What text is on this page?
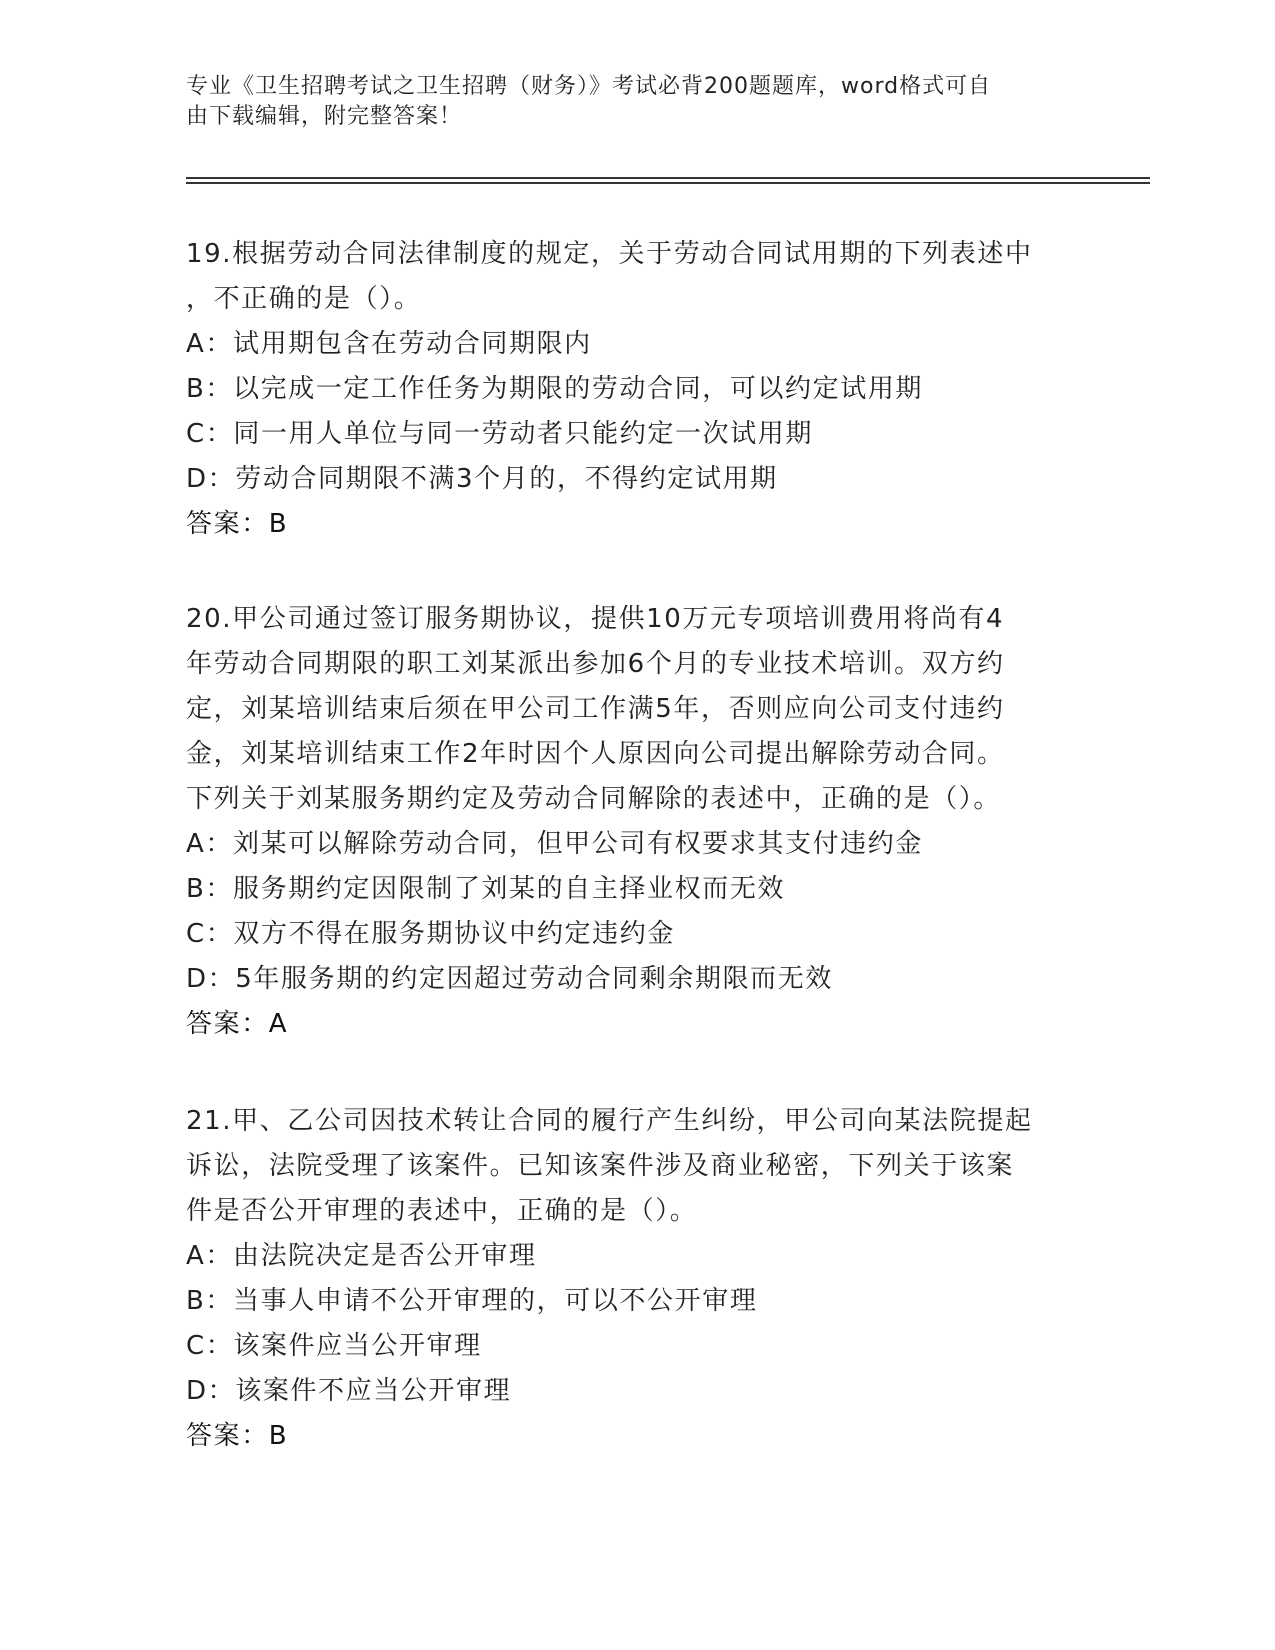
专业《卫生招聘考试之卫生招聘（财务）》考试必背200题题库，word格式可自
由下载编辑，附完整答案！
19.根据劳动合同法律制度的规定，关于劳动合同试用期的下列表述中
，不正确的是（）。
A：试用期包含在劳动合同期限内
B：以完成一定工作任务为期限的劳动合同，可以约定试用期
C：同一用人单位与同一劳动者只能约定一次试用期
D：劳动合同期限不满3个月的，不得约定试用期
答案：B
20.甲公司通过签订服务期协议，提供10万元专项培训费用将尚有4
年劳动合同期限的职工刘某派出参加6个月的专业技术培训。双方约
定，刘某培训结束后须在甲公司工作满5年，否则应向公司支付违约
金，刘某培训结束工作2年时因个人原因向公司提出解除劳动合同。
下列关于刘某服务期约定及劳动合同解除的表述中，正确的是（）。
A：刘某可以解除劳动合同，但甲公司有权要求其支付违约金
B：服务期约定因限制了刘某的自主择业权而无效
C：双方不得在服务期协议中约定违约金
D：5年服务期的约定因超过劳动合同剩余期限而无效
答案：A
21.甲、乙公司因技术转让合同的履行产生纠纷，甲公司向某法院提起
诉讼，法院受理了该案件。已知该案件涉及商业秘密，下列关于该案
件是否公开审理的表述中，正确的是（）。
A：由法院决定是否公开审理
B：当事人申请不公开审理的，可以不公开审理
C：该案件应当公开审理
D：该案件不应当公开审理
答案：B
